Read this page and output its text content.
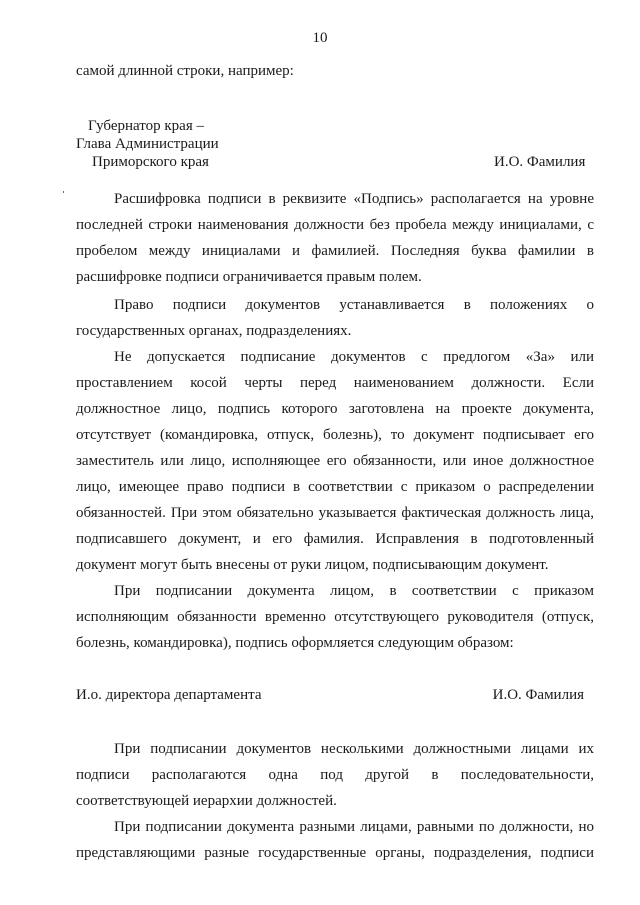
10
самой длинной строки, например:
Губернатор края –
Глава Администрации
Приморского края	И.О. Фамилия
Расшифровка подписи в реквизите «Подпись» располагается на уровне
последней строки наименования должности без пробела между инициалами, с
пробелом между инициалами и фамилией. Последняя буква фамилии в
расшифровке подписи ограничивается правым полем.
Право подписи документов устанавливается в положениях о
государственных органах, подразделениях.
Не допускается подписание документов с предлогом «За» или
проставлением косой черты перед наименованием должности. Если
должностное лицо, подпись которого заготовлена на проекте документа,
отсутствует (командировка, отпуск, болезнь), то документ подписывает его
заместитель или лицо, исполняющее его обязанности, или иное должностное
лицо, имеющее право подписи в соответствии с приказом о распределении
обязанностей. При этом обязательно указывается фактическая должность лица,
подписавшего документ, и его фамилия. Исправления в подготовленный
документ могут быть внесены от руки лицом, подписывающим документ.
При подписании документа лицом, в соответствии с приказом
исполняющим обязанности временно отсутствующего руководителя (отпуск,
болезнь, командировка), подпись оформляется следующим образом:
И.о. директора департамента	И.О. Фамилия
При подписании документов несколькими должностными лицами их
подписи располагаются одна под другой в последовательности,
соответствующей иерархии должностей.
При подписании документа разными лицами, равными по должности, но
представляющими разные государственные органы, подразделения, подписи
